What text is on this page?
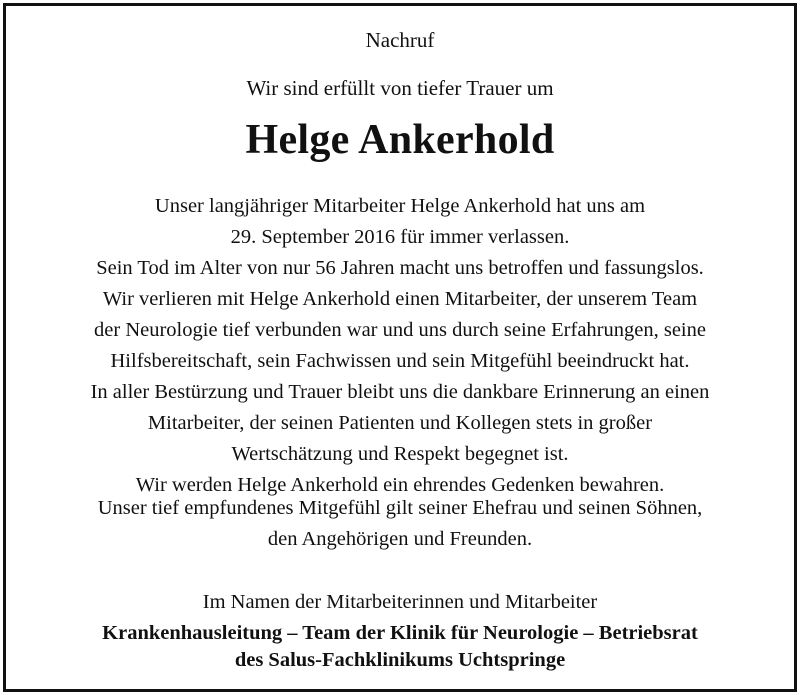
Nachruf
Wir sind erfüllt von tiefer Trauer um
Helge Ankerhold
Unser langjähriger Mitarbeiter Helge Ankerhold hat uns am
29. September 2016 für immer verlassen.
Sein Tod im Alter von nur 56 Jahren macht uns betroffen und fassungslos.
Wir verlieren mit Helge Ankerhold einen Mitarbeiter, der unserem Team
der Neurologie tief verbunden war und uns durch seine Erfahrungen, seine
Hilfsbereitschaft, sein Fachwissen und sein Mitgefühl beeindruckt hat.
In aller Bestürzung und Trauer bleibt uns die dankbare Erinnerung an einen
Mitarbeiter, der seinen Patienten und Kollegen stets in großer
Wertschätzung und Respekt begegnet ist.
Wir werden Helge Ankerhold ein ehrendes Gedenken bewahren.
Unser tief empfundenes Mitgefühl gilt seiner Ehefrau und seinen Söhnen,
den Angehörigen und Freunden.
Im Namen der Mitarbeiterinnen und Mitarbeiter
Krankenhausleitung – Team der Klinik für Neurologie – Betriebsrat
des Salus-Fachklinikums Uchtspringe
